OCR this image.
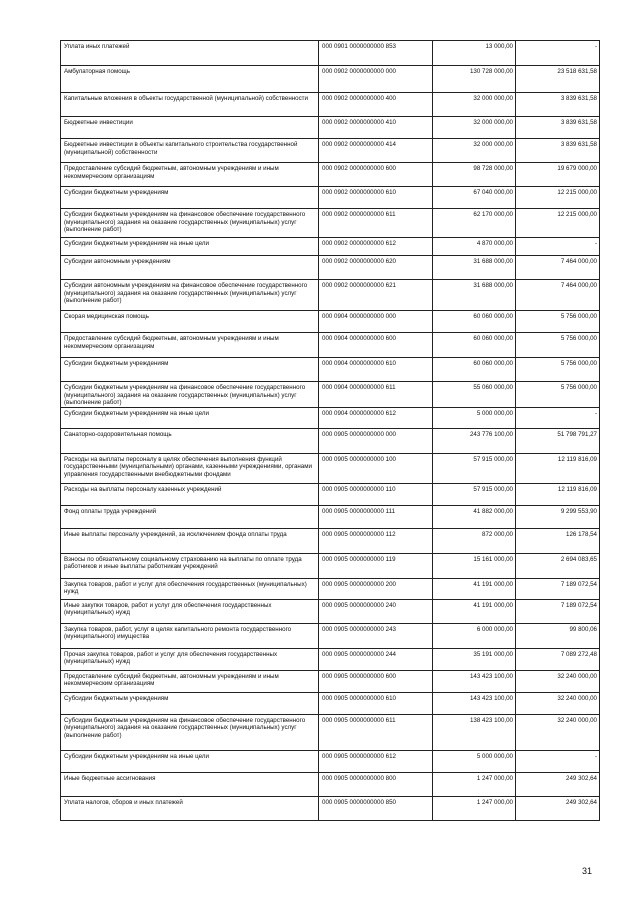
Уплата иных платежей	000 0901 0000000000 853	13 000,00	-
Амбулаторная помощь	000 0902 0000000000 000	130 728 000,00	23 518 631,58
Капитальные вложения в объекты государственной (муниципальной) собственности	000 0902 0000000000 400	32 000 000,00	3 839 631,58
Бюджетные инвестиции	000 0902 0000000000 410	32 000 000,00	3 839 631,58
Бюджетные инвестиции в объекты капитального строительства государственной (муниципальной) собственности	000 0902 0000000000 414	32 000 000,00	3 839 631,58
Предоставление субсидий бюджетным, автономным учреждениям и иным некоммерческим организациям	000 0902 0000000000 600	98 728 000,00	19 679 000,00
Субсидии бюджетным учреждениям	000 0902 0000000000 610	67 040 000,00	12 215 000,00
Субсидии бюджетным учреждениям на финансовое обеспечение государственного (муниципального) задания на оказание государственных (муниципальных) услуг (выполнение работ)	000 0902 0000000000 611	62 170 000,00	12 215 000,00
Субсидии бюджетным учреждениям на иные цели	000 0902 0000000000 612	4 870 000,00	-
Субсидии автономным учреждениям	000 0902 0000000000 620	31 688 000,00	7 464 000,00
Субсидии автономным учреждениям на финансовое обеспечение государственного (муниципального) задания на оказание государственных (муниципальных) услуг (выполнение работ)	000 0902 0000000000 621	31 688 000,00	7 464 000,00
Скорая медицинская помощь	000 0904 0000000000 000	60 060 000,00	5 756 000,00
Предоставление субсидий бюджетным, автономным учреждениям и иным некоммерческим организациям	000 0904 0000000000 600	60 060 000,00	5 756 000,00
Субсидии бюджетным учреждениям	000 0904 0000000000 610	60 060 000,00	5 756 000,00
Субсидии бюджетным учреждениям на финансовое обеспечение государственного (муниципального) задания на оказание государственных (муниципальных) услуг (выполнение работ)	000 0904 0000000000 611	55 060 000,00	5 756 000,00
Субсидии бюджетным учреждениям на иные цели	000 0904 0000000000 612	5 000 000,00	-
Санаторно-оздоровительная помощь	000 0905 0000000000 000	243 776 100,00	51 798 791,27
Расходы на выплаты персоналу в целях обеспечения выполнения функций государственными (муниципальными) органами, казенными учреждениями, органами управления государственными внебюджетными фондами	000 0905 0000000000 100	57 915 000,00	12 119 816,09
Расходы на выплаты персоналу казенных учреждений	000 0905 0000000000 110	57 915 000,00	12 119 816,09
Фонд оплаты труда учреждений	000 0905 0000000000 111	41 882 000,00	9 299 553,90
Иные выплаты персоналу учреждений, за исключением фонда оплаты труда	000 0905 0000000000 112	872 000,00	126 178,54
Взносы по обязательному социальному страхованию на выплаты по оплате труда работников и иные выплаты работникам учреждений	000 0905 0000000000 119	15 161 000,00	2 694 083,65
Закупка товаров, работ и услуг для обеспечения государственных (муниципальных) нужд	000 0905 0000000000 200	41 191 000,00	7 189 072,54
Иные закупки товаров, работ и услуг для обеспечения государственных (муниципальных) нужд	000 0905 0000000000 240	41 191 000,00	7 189 072,54
Закупка товаров, работ, услуг в целях капитального ремонта государственного (муниципального) имущества	000 0905 0000000000 243	6 000 000,00	99 800,06
Прочая закупка товаров, работ и услуг для обеспечения государственных (муниципальных) нужд	000 0905 0000000000 244	35 191 000,00	7 089 272,48
Предоставление субсидий бюджетным, автономным учреждениям и иным некоммерческим организациям	000 0905 0000000000 600	143 423 100,00	32 240 000,00
Субсидии бюджетным учреждениям	000 0905 0000000000 610	143 423 100,00	32 240 000,00
Субсидии бюджетным учреждениям на финансовое обеспечение государственного (муниципального) задания на оказание государственных (муниципальных) услуг (выполнение работ)	000 0905 0000000000 611	138 423 100,00	32 240 000,00
Субсидии бюджетным учреждениям на иные цели	000 0905 0000000000 612	5 000 000,00	-
Иные бюджетные ассигнования	000 0905 0000000000 800	1 247 000,00	249 302,64
Уплата налогов, сборов и иных платежей	000 0905 0000000000 850	1 247 000,00	249 302,64
31
